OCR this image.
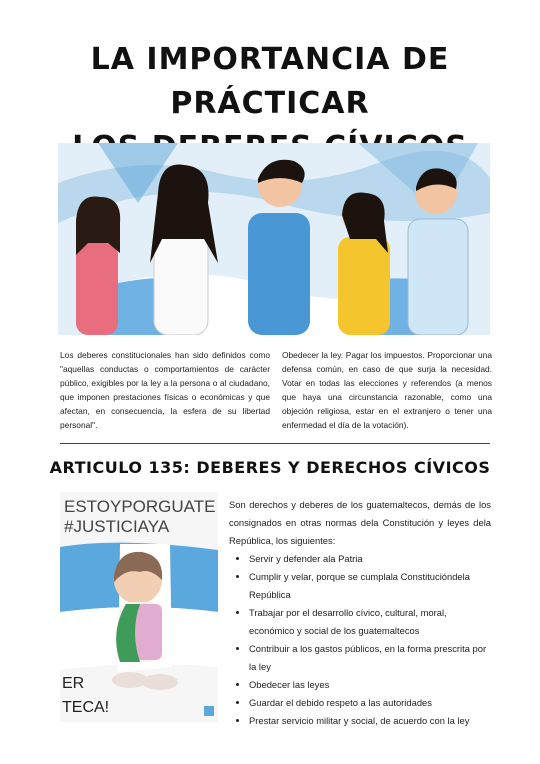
LA IMPORTANCIA DE PRÁCTICAR
Los deberes constitucionales han sido definidos como "aquellas conductas o comportamientos de carácter público, exigibles por la ley a la persona o al ciudadano, que imponen prestaciones físicas o económicas y que afectan, en consecuencia, la esfera de su libertad personal".
Obedecer la ley. Pagar los impuestos. Proporcionar una defensa común, en caso de que surja la necesidad. Votar en todas las elecciones y referendos (a menos que haya una circunstancia razonable, como una objeción religiosa, estar en el extranjero o tener una enfermedad el día de la votación).
ARTICULO 135: DEBERES Y DERECHOS CÍVICOS
ESTOYPORGUATE
#JUSTICIAYA
ER
TECA!

Son derechos y deberes de los guatemaltecos, demás de los consignados en otras normas dela Constitución y leyes dela República, los siguientes:

• Servir y defender ala Patria
• Cumplir y velar, porque se cumplala Constitucióndela República
• Trabajar por el desarrollo cívico, cultural, moral, económico y social de los guatemaltecos
• Contribuir a los gastos públicos, en la forma prescrita por la ley
• Obedecer las leyes
• Guardar el debido respeto a las autoridades
• Prestar servicio militar y social, de acuerdo con la ley
